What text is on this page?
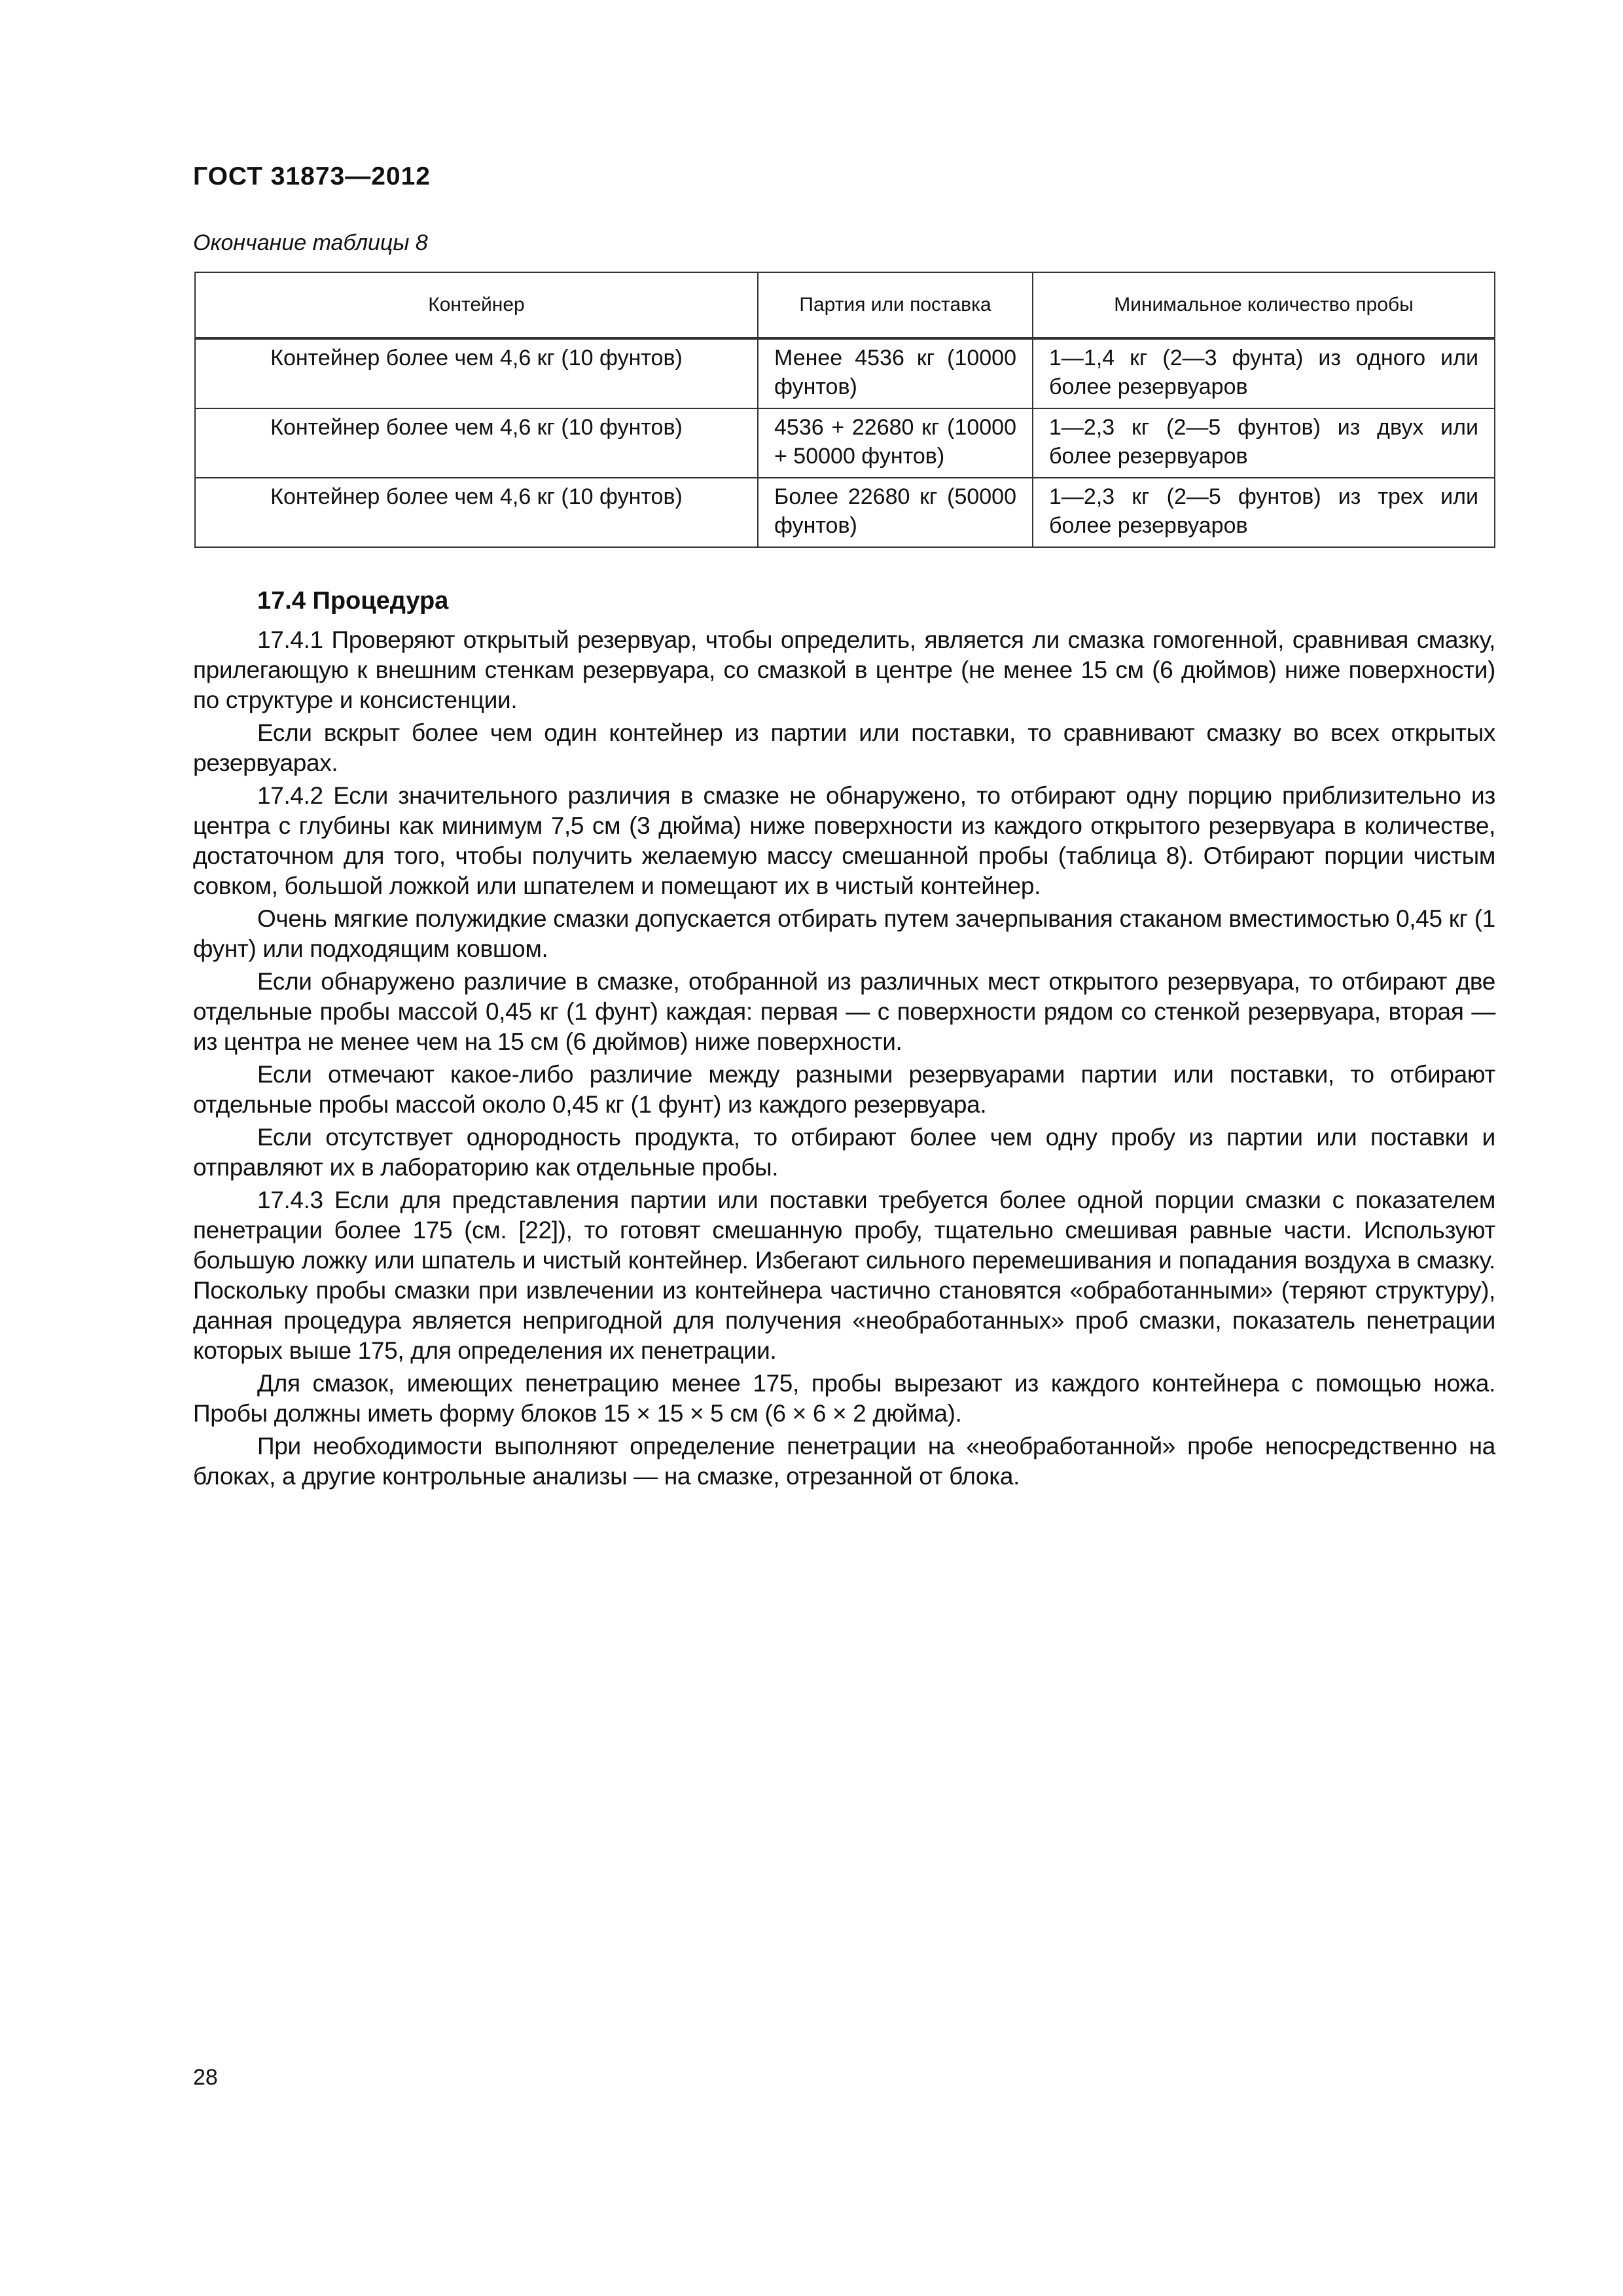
ГОСТ 31873—2012
Окончание таблицы 8
Контейнер	Партия или поставка	Минимальное количество пробы
Контейнер более чем 4,6 кг (10 фунтов)	Менее 4536 кг (10000 фунтов)	1—1,4 кг (2—3 фунта) из одного или более резервуаров
Контейнер более чем 4,6 кг (10 фунтов)	4536 + 22680 кг (10000 + 50000 фунтов)	1—2,3 кг (2—5 фунтов) из двух или более резервуаров
Контейнер более чем 4,6 кг (10 фунтов)	Более 22680 кг (50000 фунтов)	1—2,3 кг (2—5 фунтов) из трех или более резервуаров
17.4 Процедура

17.4.1 Проверяют открытый резервуар, чтобы определить, является ли смазка гомогенной, сравнивая смазку, прилегающую к внешним стенкам резервуара, со смазкой в центре (не менее 15 см (6 дюймов) ниже поверхности) по структуре и консистенции.

Если вскрыт более чем один контейнер из партии или поставки, то сравнивают смазку во всех открытых резервуарах.

17.4.2 Если значительного различия в смазке не обнаружено, то отбирают одну порцию приблизительно из центра с глубины как минимум 7,5 см (3 дюйма) ниже поверхности из каждого открытого резервуара в количестве, достаточном для того, чтобы получить желаемую массу смешанной пробы (таблица 8). Отбирают порции чистым совком, большой ложкой или шпателем и помещают их в чистый контейнер.

Очень мягкие полужидкие смазки допускается отбирать путем зачерпывания стаканом вместимостью 0,45 кг (1 фунт) или подходящим ковшом.

Если обнаружено различие в смазке, отобранной из различных мест открытого резервуара, то отбирают две отдельные пробы массой 0,45 кг (1 фунт) каждая: первая — с поверхности рядом со стенкой резервуара, вторая — из центра не менее чем на 15 см (6 дюймов) ниже поверхности.

Если отмечают какое-либо различие между разными резервуарами партии или поставки, то отбирают отдельные пробы массой около 0,45 кг (1 фунт) из каждого резервуара.

Если отсутствует однородность продукта, то отбирают более чем одну пробу из партии или поставки и отправляют их в лабораторию как отдельные пробы.

17.4.3 Если для представления партии или поставки требуется более одной порции смазки с показателем пенетрации более 175 (см. [22]), то готовят смешанную пробу, тщательно смешивая равные части. Используют большую ложку или шпатель и чистый контейнер. Избегают сильного перемешивания и попадания воздуха в смазку. Поскольку пробы смазки при извлечении из контейнера частично становятся «обработанными» (теряют структуру), данная процедура является непригодной для получения «необработанных» проб смазки, показатель пенетрации которых выше 175, для определения их пенетрации.

Для смазок, имеющих пенетрацию менее 175, пробы вырезают из каждого контейнера с помощью ножа. Пробы должны иметь форму блоков 15 × 15 × 5 см (6 × 6 × 2 дюйма).

При необходимости выполняют определение пенетрации на «необработанной» пробе непосредственно на блоках, а другие контрольные анализы — на смазке, отрезанной от блока.

28
